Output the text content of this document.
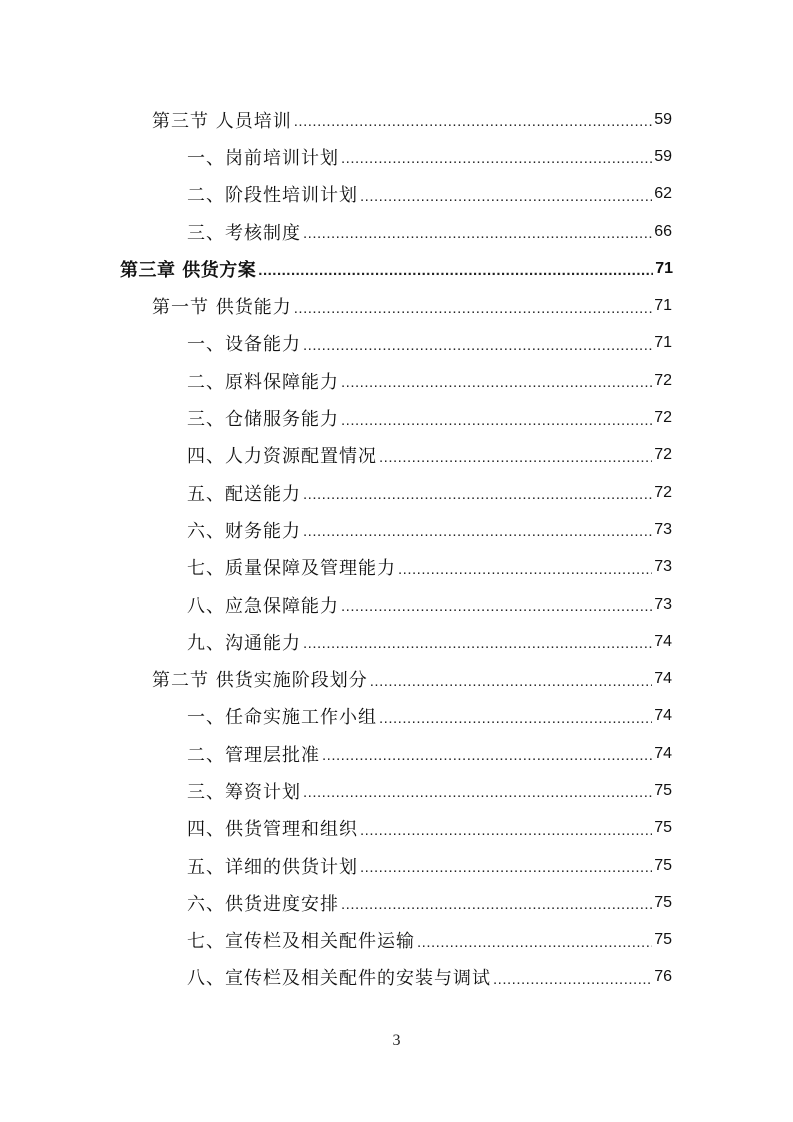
第三节 人员培训 .....	59
一、岗前培训计划 .....	59
二、阶段性培训计划 .....	62
三、考核制度 .....	66
第三章 供货方案 .....	71
第一节 供货能力 .....	71
一、设备能力 .....	71
二、原料保障能力 .....	72
三、仓储服务能力 .....	72
四、人力资源配置情况 .....	72
五、配送能力 .....	72
六、财务能力 .....	73
七、质量保障及管理能力 .....	73
八、应急保障能力 .....	73
九、沟通能力 .....	74
第二节 供货实施阶段划分 .....	74
一、任命实施工作小组 .....	74
二、管理层批准 .....	74
三、筹资计划 .....	75
四、供货管理和组织 .....	75
五、详细的供货计划 .....	75
六、供货进度安排 .....	75
七、宣传栏及相关配件运输 .....	75
八、宣传栏及相关配件的安装与调试 .....	76
3
